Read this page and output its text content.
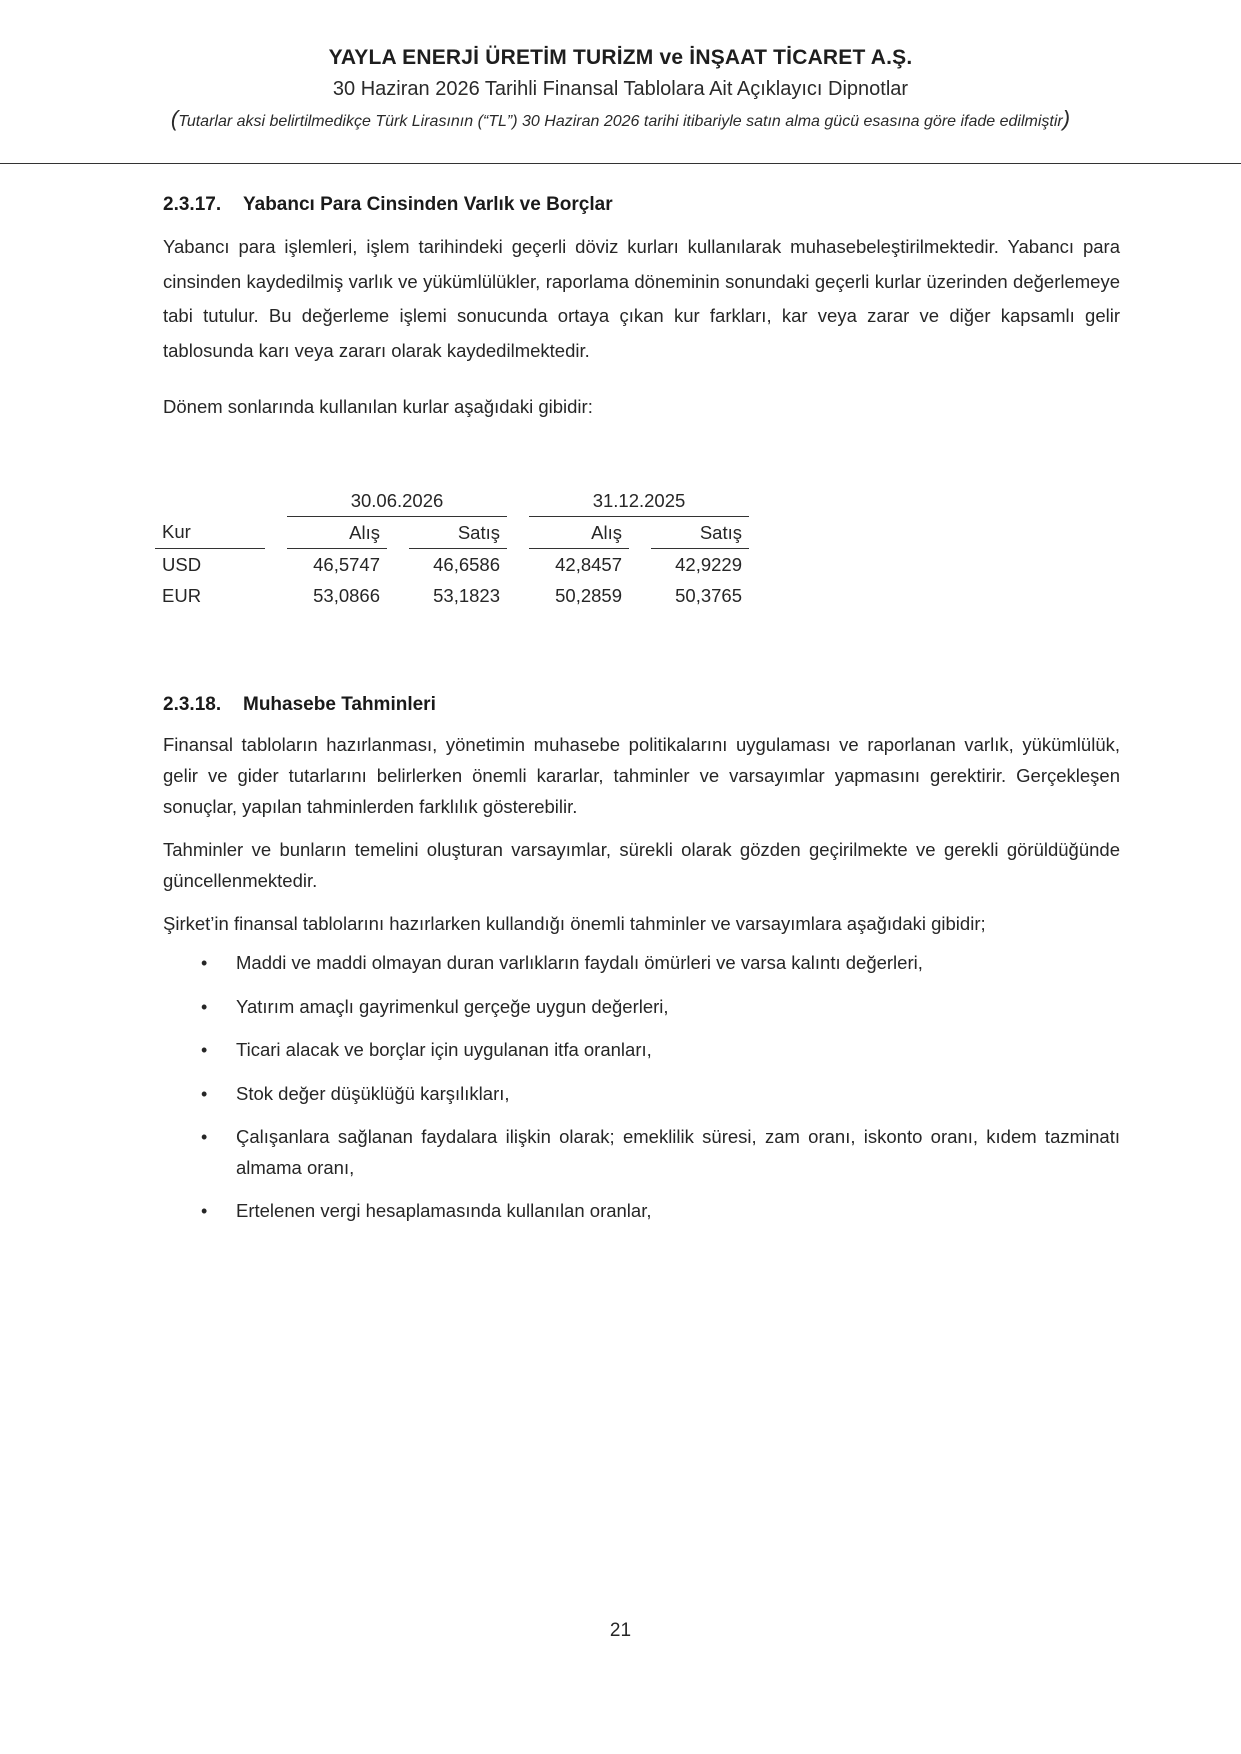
YAYLA ENERJİ ÜRETİM TURİZM ve İNŞAAT TİCARET A.Ş.
30 Haziran 2026 Tarihli Finansal Tablolara Ait Açıklayıcı Dipnotlar
(Tutarlar aksi belirtilmedikçe Türk Lirasının (“TL”) 30 Haziran 2026 tarihi itibariyle satın alma gücü esasına göre ifade edilmiştir)
2.3.17. Yabancı Para Cinsinden Varlık ve Borçlar

Yabancı para işlemleri, işlem tarihindeki geçerli döviz kurları kullanılarak muhasebeleştirilmektedir. Yabancı para cinsinden kaydedilmiş varlık ve yükümlülükler, raporlama döneminin sonundaki geçerli kurlar üzerinden değerlemeye tabi tutulur. Bu değerleme işlemi sonucunda ortaya çıkan kur farkları, kar veya zarar ve diğer kapsamlı gelir tablosunda karı veya zararı olarak kaydedilmektedir.

Dönem sonlarında kullanılan kurlar aşağıdaki gibidir:

		30.06.2026				31.12.2025		
Kur		Alış		Satış		Alış		Satış
USD		46,5747		46,6586		42,8457		42,9229
EUR		53,0866		53,1823		50,2859		50,3765
2.3.18. Muhasebe Tahminleri

Finansal tabloların hazırlanması, yönetimin muhasebe politikalarını uygulaması ve raporlanan varlık, yükümlülük, gelir ve gider tutarlarını belirlerken önemli kararlar, tahminler ve varsayımlar yapmasını gerektirir. Gerçekleşen sonuçlar, yapılan tahminlerden farklılık gösterebilir.

Tahminler ve bunların temelini oluşturan varsayımlar, sürekli olarak gözden geçirilmekte ve gerekli görüldüğünde güncellenmektedir.

Şirket’in finansal tablolarını hazırlarken kullandığı önemli tahminler ve varsayımlara aşağıdaki gibidir;

• Maddi ve maddi olmayan duran varlıkların faydalı ömürleri ve varsa kalıntı değerleri,
• Yatırım amaçlı gayrimenkul gerçeğe uygun değerleri,
• Ticari alacak ve borçlar için uygulanan itfa oranları,
• Stok değer düşüklüğü karşılıkları,
• Çalışanlara sağlanan faydalara ilişkin olarak; emeklilik süresi, zam oranı, iskonto oranı, kıdem tazminatı almama oranı,
• Ertelenen vergi hesaplamasında kullanılan oranlar,
21
